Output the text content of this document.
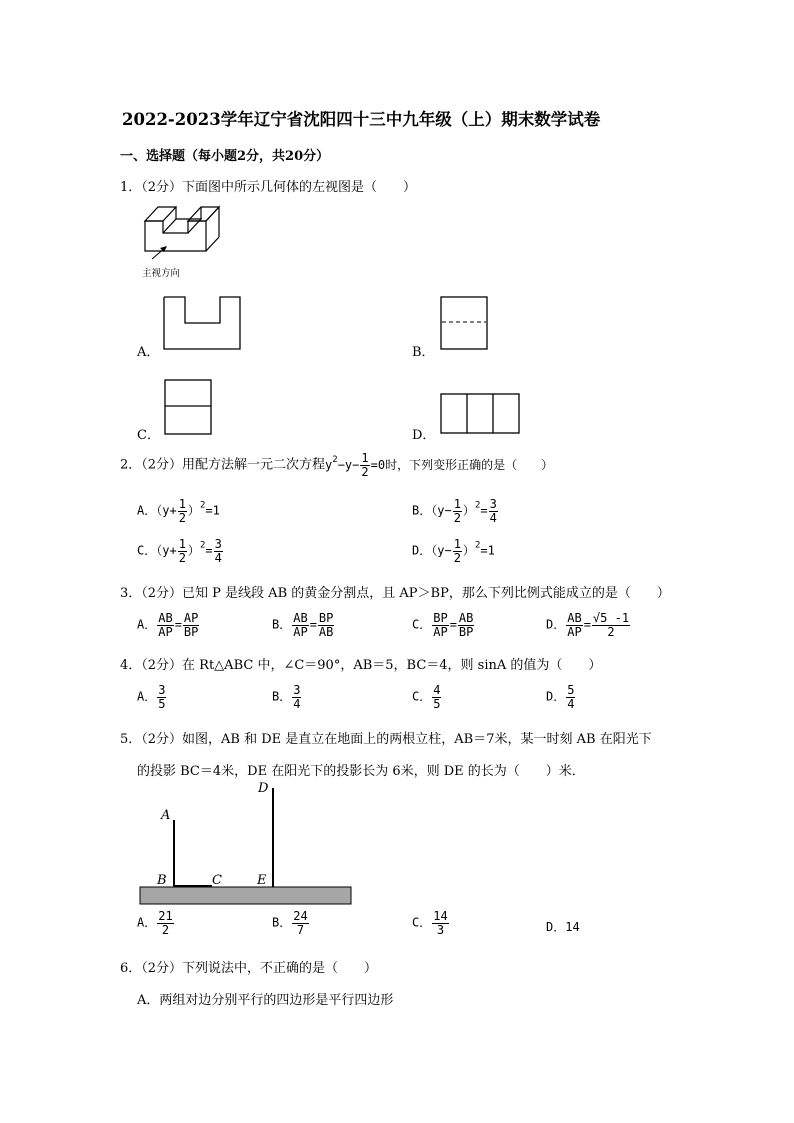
2022-2023学年辽宁省沈阳四十三中九年级（上）期末数学试卷
一、选择题（每小题2分，共20分）
1．（2分）下面图中所示几何体的左视图是（　　）
主视方向
A．	B．
C．	D．
2．（2分）用配方法解一元二次方程$y^2-y- \frac{1}{2} =0$时，下列变形正确的是（　　）
A．$(y+ \frac{1}{2} )^2=1$	B．$(y- \frac{1}{2} )^2= \frac{3}{4}$
C．$(y+ \frac{1}{2} )^2= \frac{3}{4}$	D．$(y- \frac{1}{2} )^2=1$
3．（2分）已知 P 是线段 AB 的黄金分割点，且 AP＞BP，那么下列比例式能成立的是（　　）
A． $\frac{AB}{AP} = \frac{AP}{BP}$	B． $\frac{AB}{AP} = \frac{BP}{AB}$	C． $\frac{BP}{AP} = \frac{AB}{BP}$	D． $\frac{AB}{AP} = \frac{√5 -1}{2}$
4．（2分）在 Rt△ABC 中，∠C＝90°，AB＝5，BC＝4，则 sinA 的值为（　　）
A． $\frac{3}{5}$	B． $\frac{3}{4}$	C． $\frac{4}{5}$	D． $\frac{5}{4}$
5．（2分）如图，AB 和 DE 是直立在地面上的两根立柱，AB＝7米，某一时刻 AB 在阳光下
的投影 BC＝4米，DE 在阳光下的投影长为 6米，则 DE 的长为（　　）米．
A
B	C
D
E
A． $\frac{21}{2}$	B． $\frac{24}{7}$	C． $\frac{14}{3}$	D．14
6．（2分）下列说法中，不正确的是（　　）
A．两组对边分别平行的四边形是平行四边形
